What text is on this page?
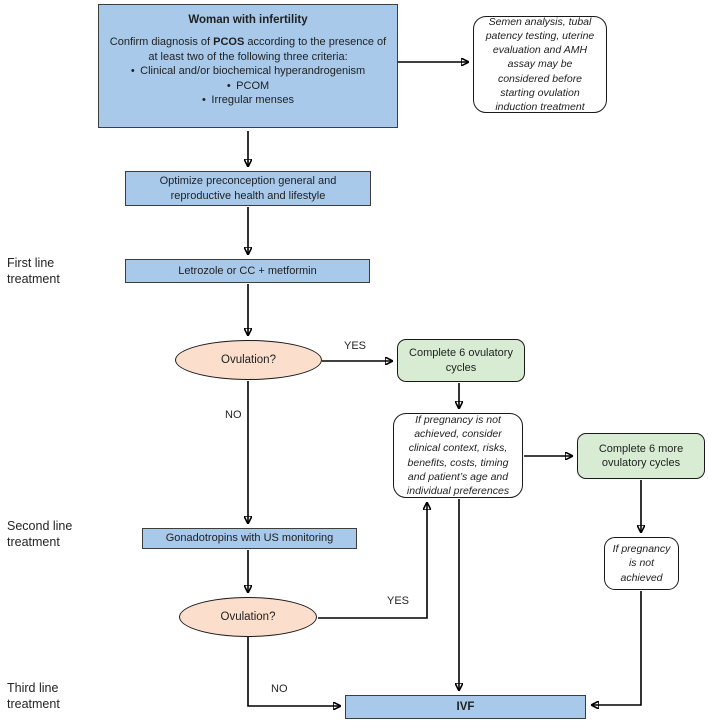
Woman with infertility
Confirm diagnosis of PCOS according to the presence of at least two of the following three criteria:
• Clinical and/or biochemical hyperandrogenism
• PCOM
• Irregular menses
Semen analysis, tubal patency testing, uterine evaluation and AMH assay may be considered before starting ovulation induction treatment
Optimize preconception general and reproductive health and lifestyle
Letrozole or CC + metformin
Ovulation?
Complete 6 ovulatory cycles
If pregnancy is not achieved, consider clinical context, risks, benefits, costs, timing and patient’s age and individual preferences
Complete 6 more ovulatory cycles
If pregnancy is not achieved
Gonadotropins with US monitoring
Ovulation?
IVF
First line treatment
Second line treatment
Third line treatment
YES
NO
YES
NO
